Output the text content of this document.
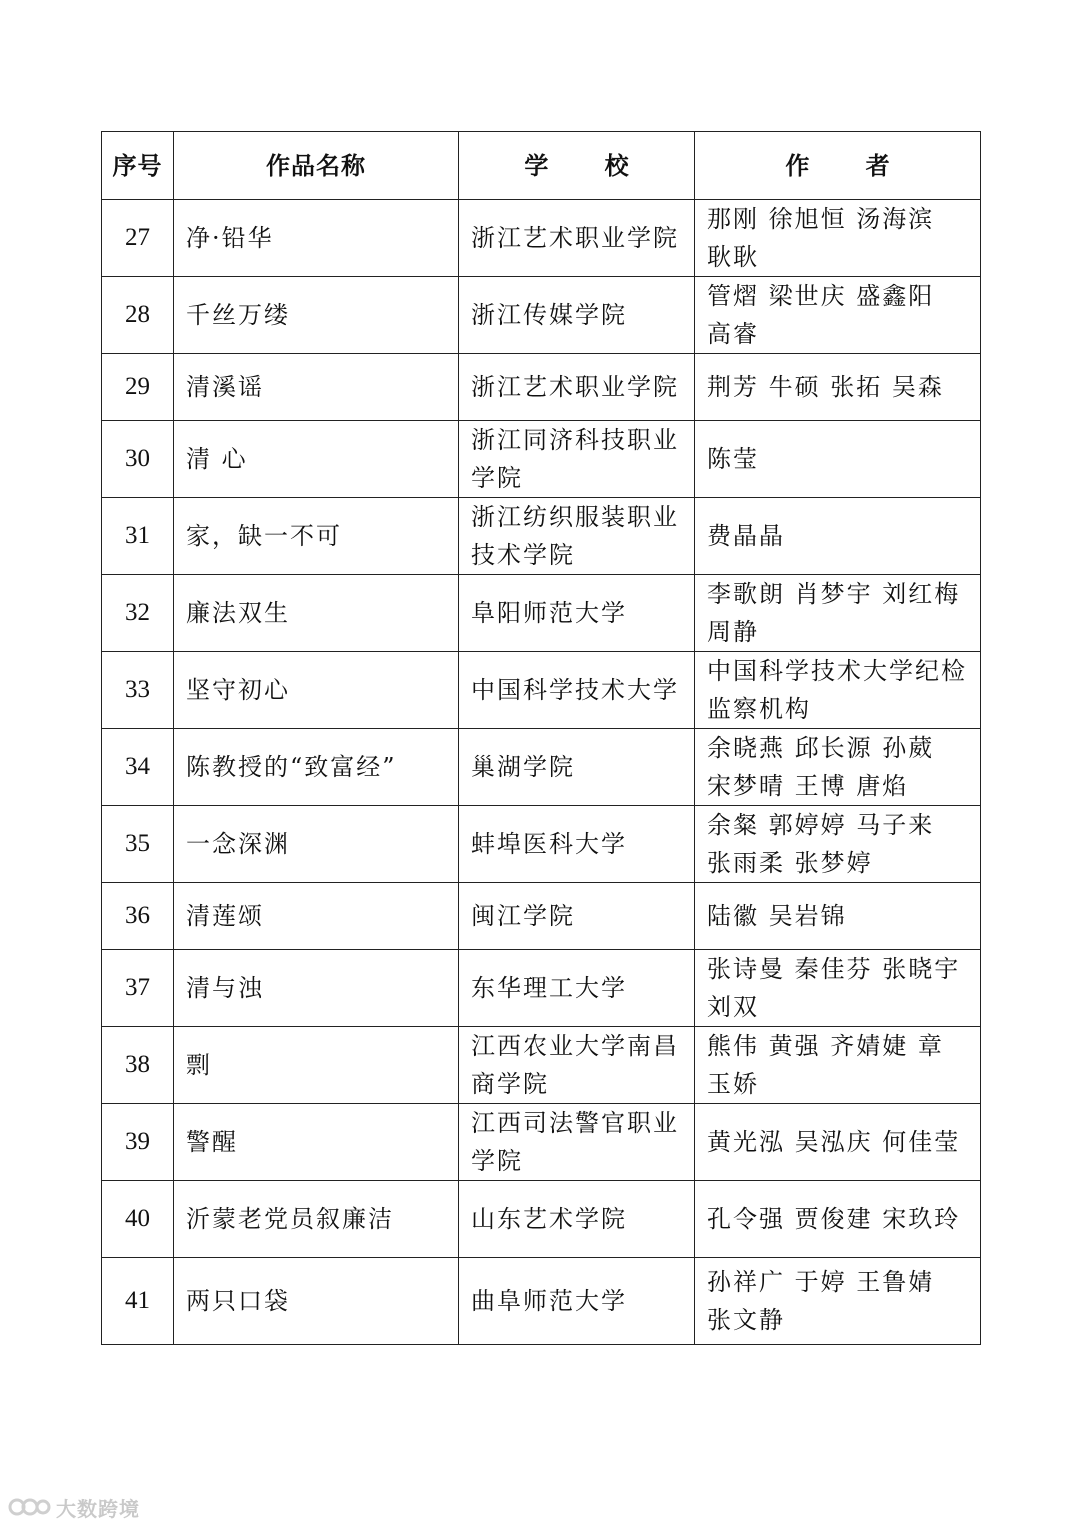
序号	作品名称	学 校	作 者
27	净·铅华	浙江艺术职业学院	那刚 徐旭恒 汤海滨 耿耿
28	千丝万缕	浙江传媒学院	管熠 梁世庆 盛鑫阳 高睿
29	清溪谣	浙江艺术职业学院	荆芳 牛硕 张拓 吴森
30	清 心	浙江同济科技职业学院	陈莹
31	家，缺一不可	浙江纺织服装职业技术学院	费晶晶
32	廉法双生	阜阳师范大学	李歌朗 肖梦宇 刘红梅 周静
33	坚守初心	中国科学技术大学	中国科学技术大学纪检监察机构
34	陈教授的“致富经”	巢湖学院	余晓燕 邱长源 孙葳 宋梦晴 王博 唐焰
35	一念深渊	蚌埠医科大学	余粲 郭婷婷 马子来 张雨柔 张梦婷
36	清莲颂	闽江学院	陆徽 吴岩锦
37	清与浊	东华理工大学	张诗曼 秦佳芬 张晓宇 刘双
38	剽	江西农业大学南昌商学院	熊伟 黄强 齐婧婕 章玉娇
39	警醒	江西司法警官职业学院	黄光泓 吴泓庆 何佳莹
40	沂蒙老党员叙廉洁	山东艺术学院	孔令强 贾俊建 宋玖玲
41	两只口袋	曲阜师范大学	孙祥广 于婷 王鲁婧 张文静
大数跨境
